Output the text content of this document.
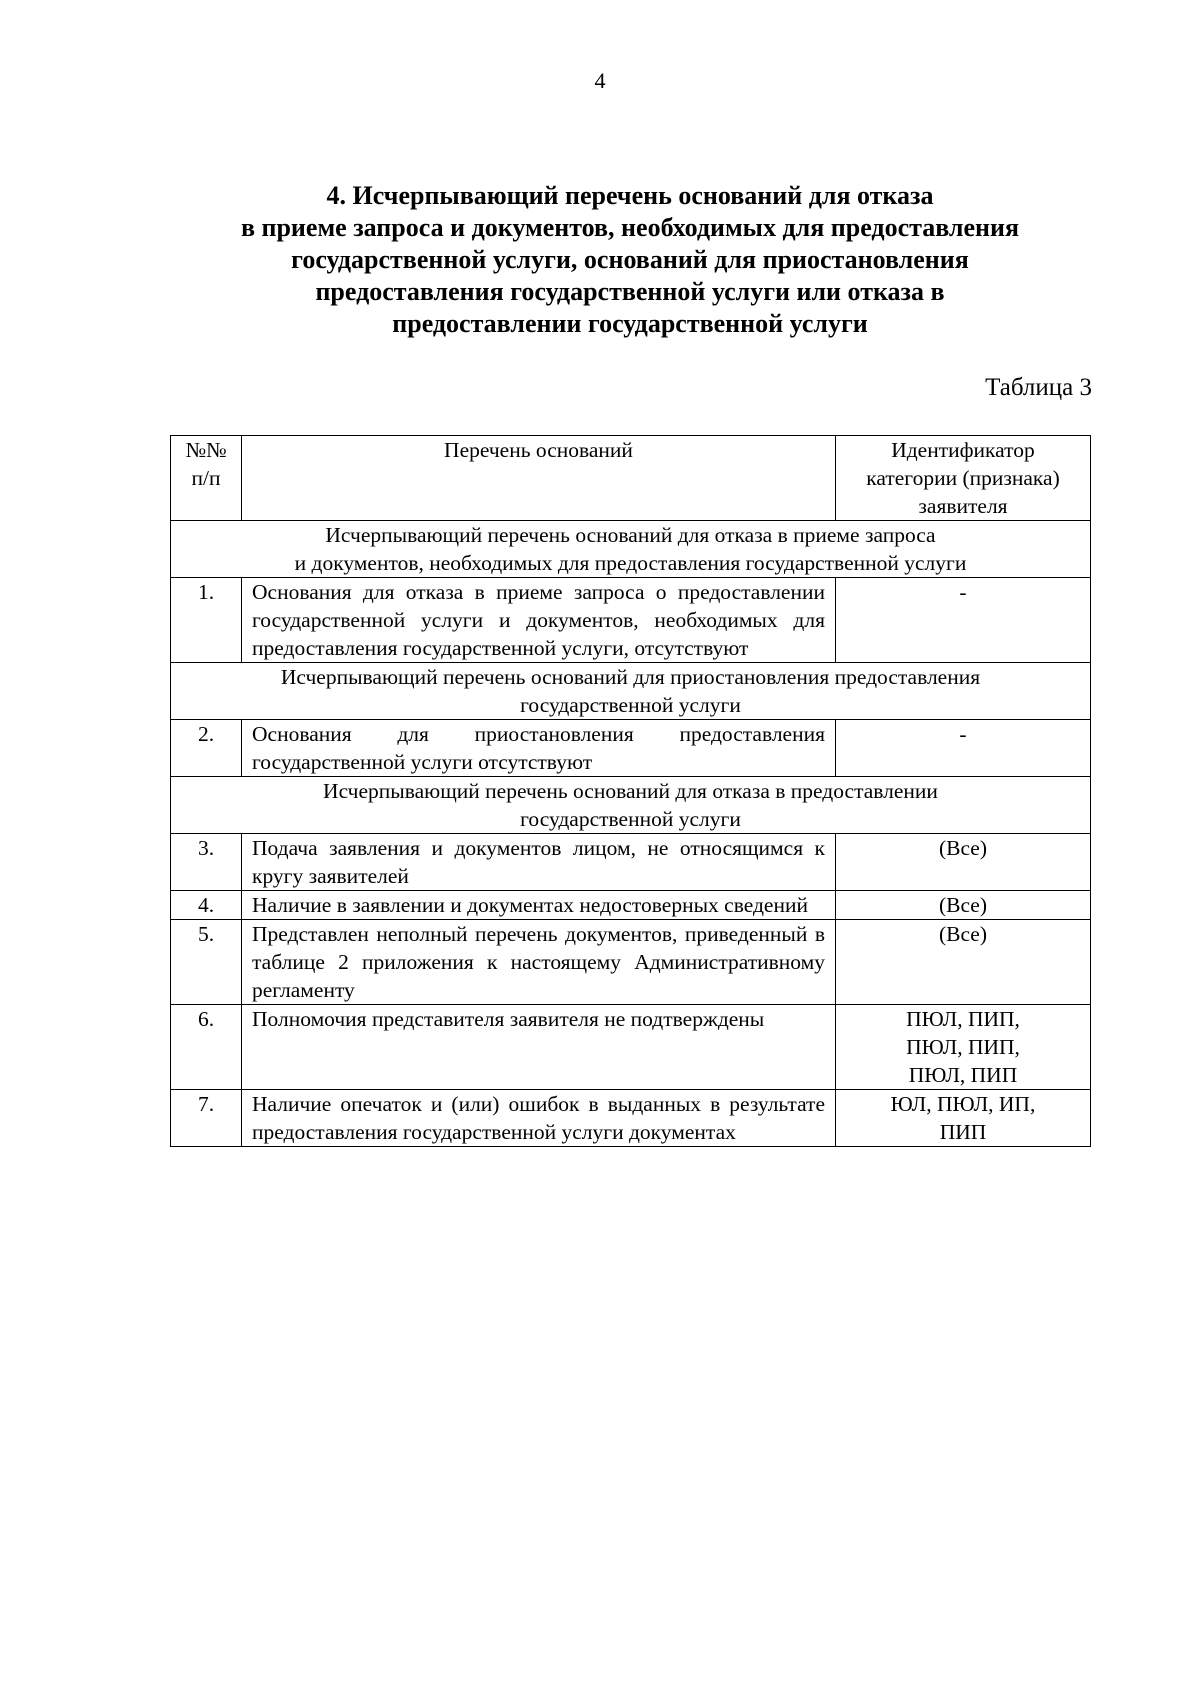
4
4. Исчерпывающий перечень оснований для отказа
в приеме запроса и документов, необходимых для предоставления
государственной услуги, оснований для приостановления
предоставления государственной услуги или отказа в
предоставлении государственной услуги
Таблица 3
№№
п/п	Перечень оснований	Идентификатор
категории (признака)
заявителя

Исчерпывающий перечень оснований для отказа в приеме запроса
и документов, необходимых для предоставления государственной услуги		

1.	Основания для отказа в приеме запроса о предоставлении государственной услуги и документов, необходимых для предоставления государственной услуги, отсутствуют	-

Исчерпывающий перечень оснований для приостановления предоставления
государственной услуги		

2.	Основания для приостановления предоставления государственной услуги отсутствуют	-

Исчерпывающий перечень оснований для отказа в предоставлении
государственной услуги		

3.	Подача заявления и документов лицом, не относящимся к кругу заявителей	(Все)

4.	Наличие в заявлении и документах недостоверных сведений	(Все)

5.	Представлен неполный перечень документов, приведенный в таблице 2 приложения к настоящему Административному регламенту	(Все)

6.	Полномочия представителя заявителя не подтверждены	ПЮЛ, ПИП,
ПЮЛ, ПИП,
ПЮЛ, ПИП

7.	Наличие опечаток и (или) ошибок в выданных в результате предоставления государственной услуги документах	ЮЛ, ПЮЛ, ИП,
ПИП
